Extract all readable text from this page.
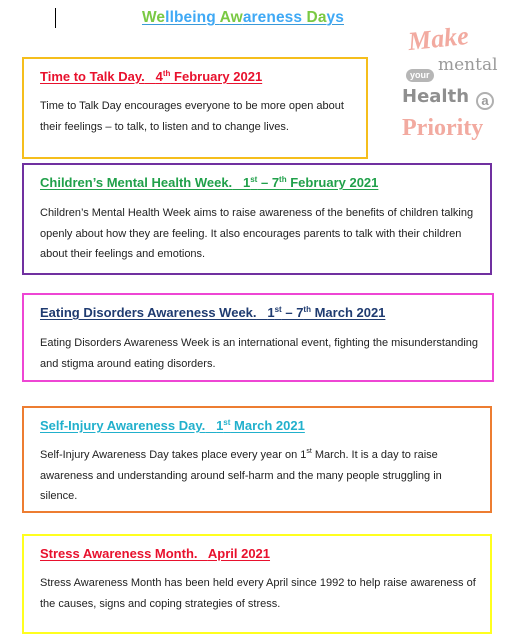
Wellbeing Awareness Days
Make
your mental
Health a
Priority
Time to Talk Day. 4th February 2021
Time to Talk Day encourages everyone to be more open about their feelings – to talk, to listen and to change lives.
Children’s Mental Health Week. 1st – 7th February 2021
Children’s Mental Health Week aims to raise awareness of the benefits of children talking openly about how they are feeling. It also encourages parents to talk with their children about their feelings and emotions.
Eating Disorders Awareness Week. 1st – 7th March 2021
Eating Disorders Awareness Week is an international event, fighting the misunderstanding and stigma around eating disorders.
Self-Injury Awareness Day. 1st March 2021
Self-Injury Awareness Day takes place every year on 1st March. It is a day to raise awareness and understanding around self-harm and the many people struggling in silence.
Stress Awareness Month. April 2021
Stress Awareness Month has been held every April since 1992 to help raise awareness of the causes, signs and coping strategies of stress.
